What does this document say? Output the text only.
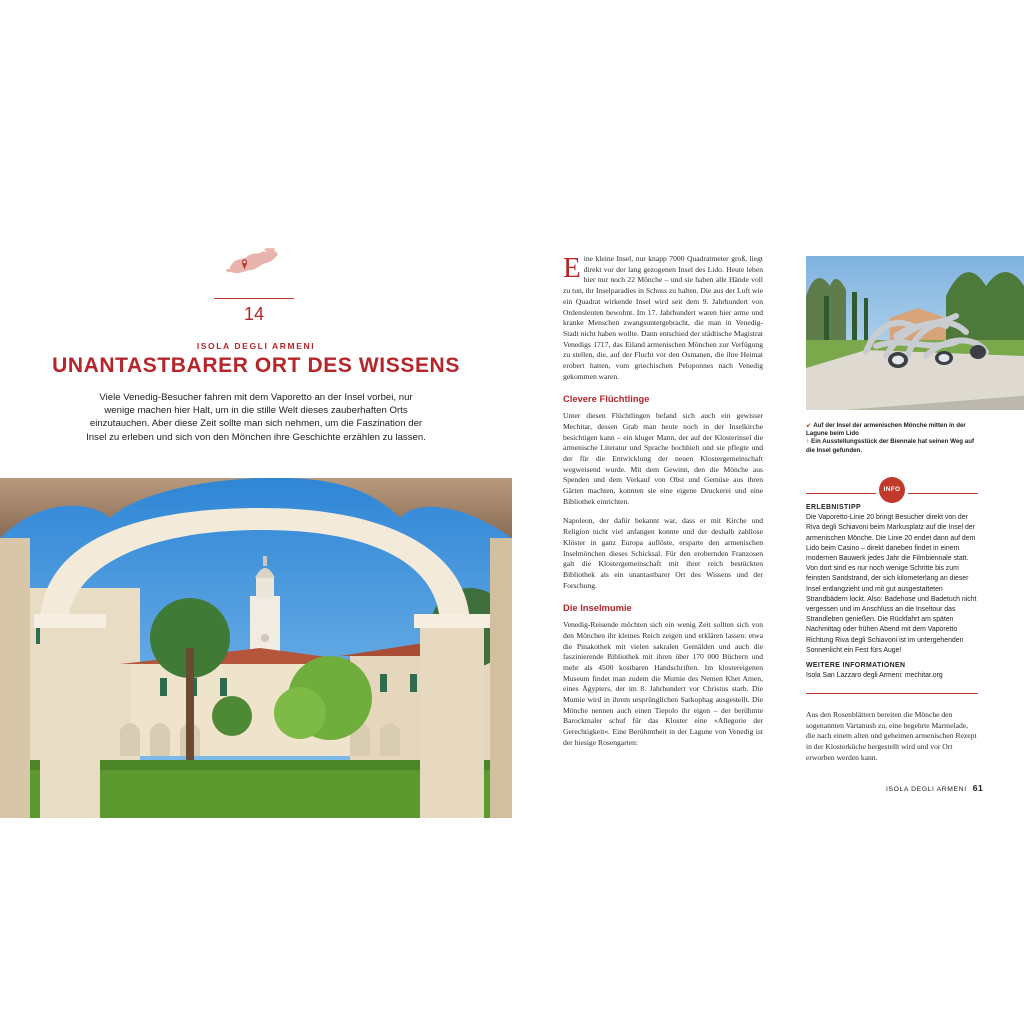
14
ISOLA DEGLI ARMENI
UNANTASTBARER ORT DES WISSENS
Viele Venedig-Besucher fahren mit dem Vaporetto an der Insel vorbei, nur wenige machen hier Halt, um in die stille Welt dieses zauberhaften Orts einzutauchen. Aber diese Zeit sollte man sich nehmen, um die Faszination der Insel zu erleben und sich von den Mönchen ihre Geschichte erzählen zu lassen.

Eine kleine Insel, nur knapp 7000 Quadratmeter groß, liegt direkt vor der lang gezogenen Insel des Lido. Heute leben hier nur noch 22 Mönche – und sie haben alle Hände voll zu tun, ihr Inselparadies in Schuss zu halten. Die aus der Luft wie ein Quadrat wirkende Insel wird seit dem 9. Jahrhundert von Ordensleuten bewohnt. Im 17. Jahrhundert waren hier arme und kranke Menschen zwangsuntergebracht, die man in Venedig-Stadt nicht haben wollte. Dann entschied der städtische Magistrat Venedigs 1717, das Eiland armenischen Mönchen zur Verfügung zu stellen, die, auf der Flucht vor den Osmanen, die ihre Heimat erobert hatten, vom griechischen Peloponnes nach Venedig gekommen waren.

Clevere Flüchtlinge

Unter diesen Flüchtlingen befand sich auch ein gewisser Mechitar, dessen Grab man heute noch in der Inselkirche besichtigen kann – ein kluger Mann, der auf der Klosterinsel die armenische Literatur und Sprache hochhielt und sie pflegte und der für die Entwicklung der neuen Klostergemeinschaft wegweisend wurde. Mit dem Gewinn, den die Mönche aus Spenden und dem Verkauf von Obst und Gemüse aus ihren Gärten machten, konnten sie eine eigene Druckerei und eine Bibliothek einrichten.

Napoleon, der dafür bekannt war, dass er mit Kirche und Religion nicht viel anfangen konnte und der deshalb zahllose Klöster in ganz Europa auflöste, ersparte den armenischen Inselmönchen dieses Schicksal. Für den erobernden Franzosen galt die Klostergemeinschaft mit ihrer reich bestückten Bibliothek als ein unantastbarer Ort des Wissens und der Forschung.

Die Inselmumie

Venedig-Reisende möchten sich ein wenig Zeit sollten sich von den Mönchen ihr kleines Reich zeigen und erklären lassen: etwa die Pinakothek mit vielen sakralen Gemälden und auch die faszinierende Bibliothek mit ihren über 170 000 Büchern und mehr als 4500 kostbaren Handschriften. Im klostereigenen Museum findet man zudem die Mumie des Nemen Khet Amen, eines Ägypters, der im 8. Jahrhundert vor Christus starb. Die Mumie wird in ihrem ursprünglichen Sarkophag ausgestellt. Die Mönche nennen auch einen Tiepolo ihr eigen – der berühmte Barockmaler schuf für das Kloster eine »Allegorie der Gerechtigkeit«. Eine Berühmtheit in der Lagune von Venedig ist der hiesige Rosengarten:

↙ Auf der Insel der armenischen Mönche mitten in der Lagune beim Lido
↑ Ein Ausstellungsstück der Biennale hat seinen Weg auf die Insel gefunden.
INFO
ERLEBNISTIPP
Die Vaporetto-Linie 20 bringt Besucher direkt von der Riva degli Schiavoni beim Markusplatz auf die Insel der armenischen Mönche. Die Linie 20 endet dann auf dem Lido beim Casino – direkt daneben findet in einem modernen Bauwerk jedes Jahr die Filmbiennale statt. Von dort sind es nur noch wenige Schritte bis zum feinsten Sandstrand, der sich kilometerlang an dieser Insel entlangzieht und mit gut ausgestatteten Strandbädern lockt. Also: Badehose und Badetuch nicht vergessen und im Anschluss an die Inseltour das Strandleben genießen. Die Rückfahrt am späten Nachmittag oder frühen Abend mit dem Vaporetto Richtung Riva degli Schiavoni ist im untergehenden Sonnenlicht ein Fest fürs Auge!
WEITERE INFORMATIONEN
Isola San Lazzaro degli Armeni: mechitar.org
Aus den Rosenblättern bereiten die Mönche den sogenannten Vartanush zu, eine begehrte Marmelade, die nach einem alten und geheimen armenischen Rezept in der Klosterküche hergestellt wird und vor Ort erworben werden kann.
ISOLA DEGLI ARMENI 61
